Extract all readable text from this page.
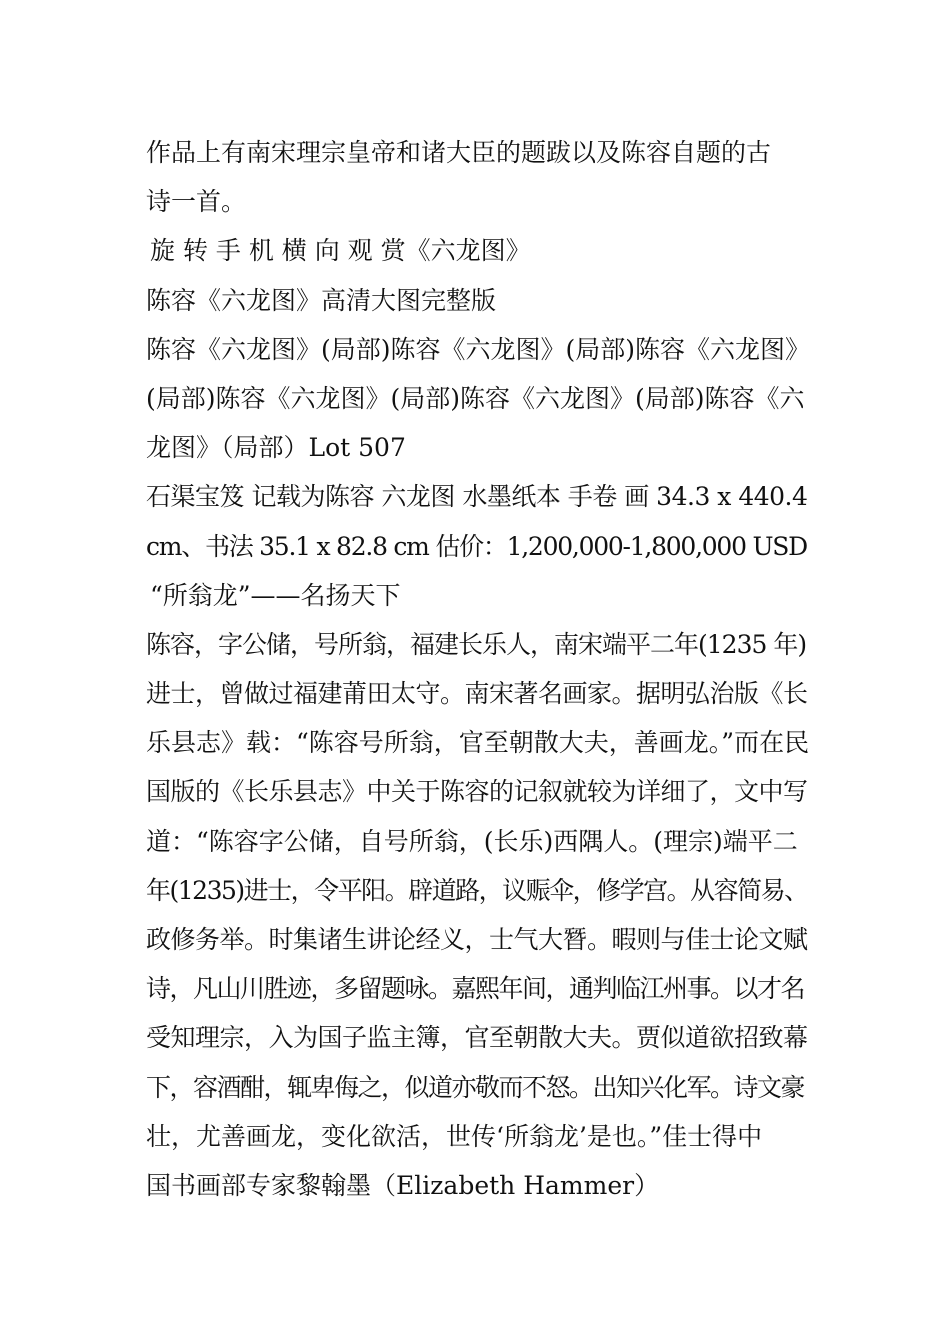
作品上有南宋理宗皇帝和诸大臣的题跋以及陈容自题的古
诗一首。
旋 转 手 机 横 向 观 赏《六龙图》
陈容《六龙图》高清大图完整版
陈容《六龙图》(局部)陈容《六龙图》(局部)陈容《六龙图》
(局部)陈容《六龙图》(局部)陈容《六龙图》(局部)陈容《六
龙图》（局部）Lot 507
石渠宝笈 记载为陈容 六龙图 水墨纸本 手卷 画 34.3 x 440.4
cm、书法 35.1 x 82.8 cm 估价：1,200,000-1,800,000 USD
“所翁龙”——名扬天下
陈容，字公储，号所翁，福建长乐人，南宋端平二年(1235 年)
进士，曾做过福建莆田太守。南宋著名画家。据明弘治版《长
乐县志》载：“陈容号所翁，官至朝散大夫，善画龙。”而在民
国版的《长乐县志》中关于陈容的记叙就较为详细了，文中写
道：“陈容字公储，自号所翁，(长乐)西隅人。(理宗)端平二
年(1235)进士，令平阳。辟道路，议赈伞，修学宫。从容简易、
政修务举。时集诸生讲论经义，士气大朁。暇则与佳士论文赋
诗，凡山川胜迹，多留题咏。嘉熙年间，通判临江州事。以才名
受知理宗，入为国子监主簿，官至朝散大夫。贾似道欲招致幕
下，容酒酣，辄卑侮之，似道亦敬而不怒。出知兴化军。诗文豪
壮，尤善画龙，变化欲活，世传‘所翁龙’是也。”佳士得中
国书画部专家黎翰墨（Elizabeth Hammer）
